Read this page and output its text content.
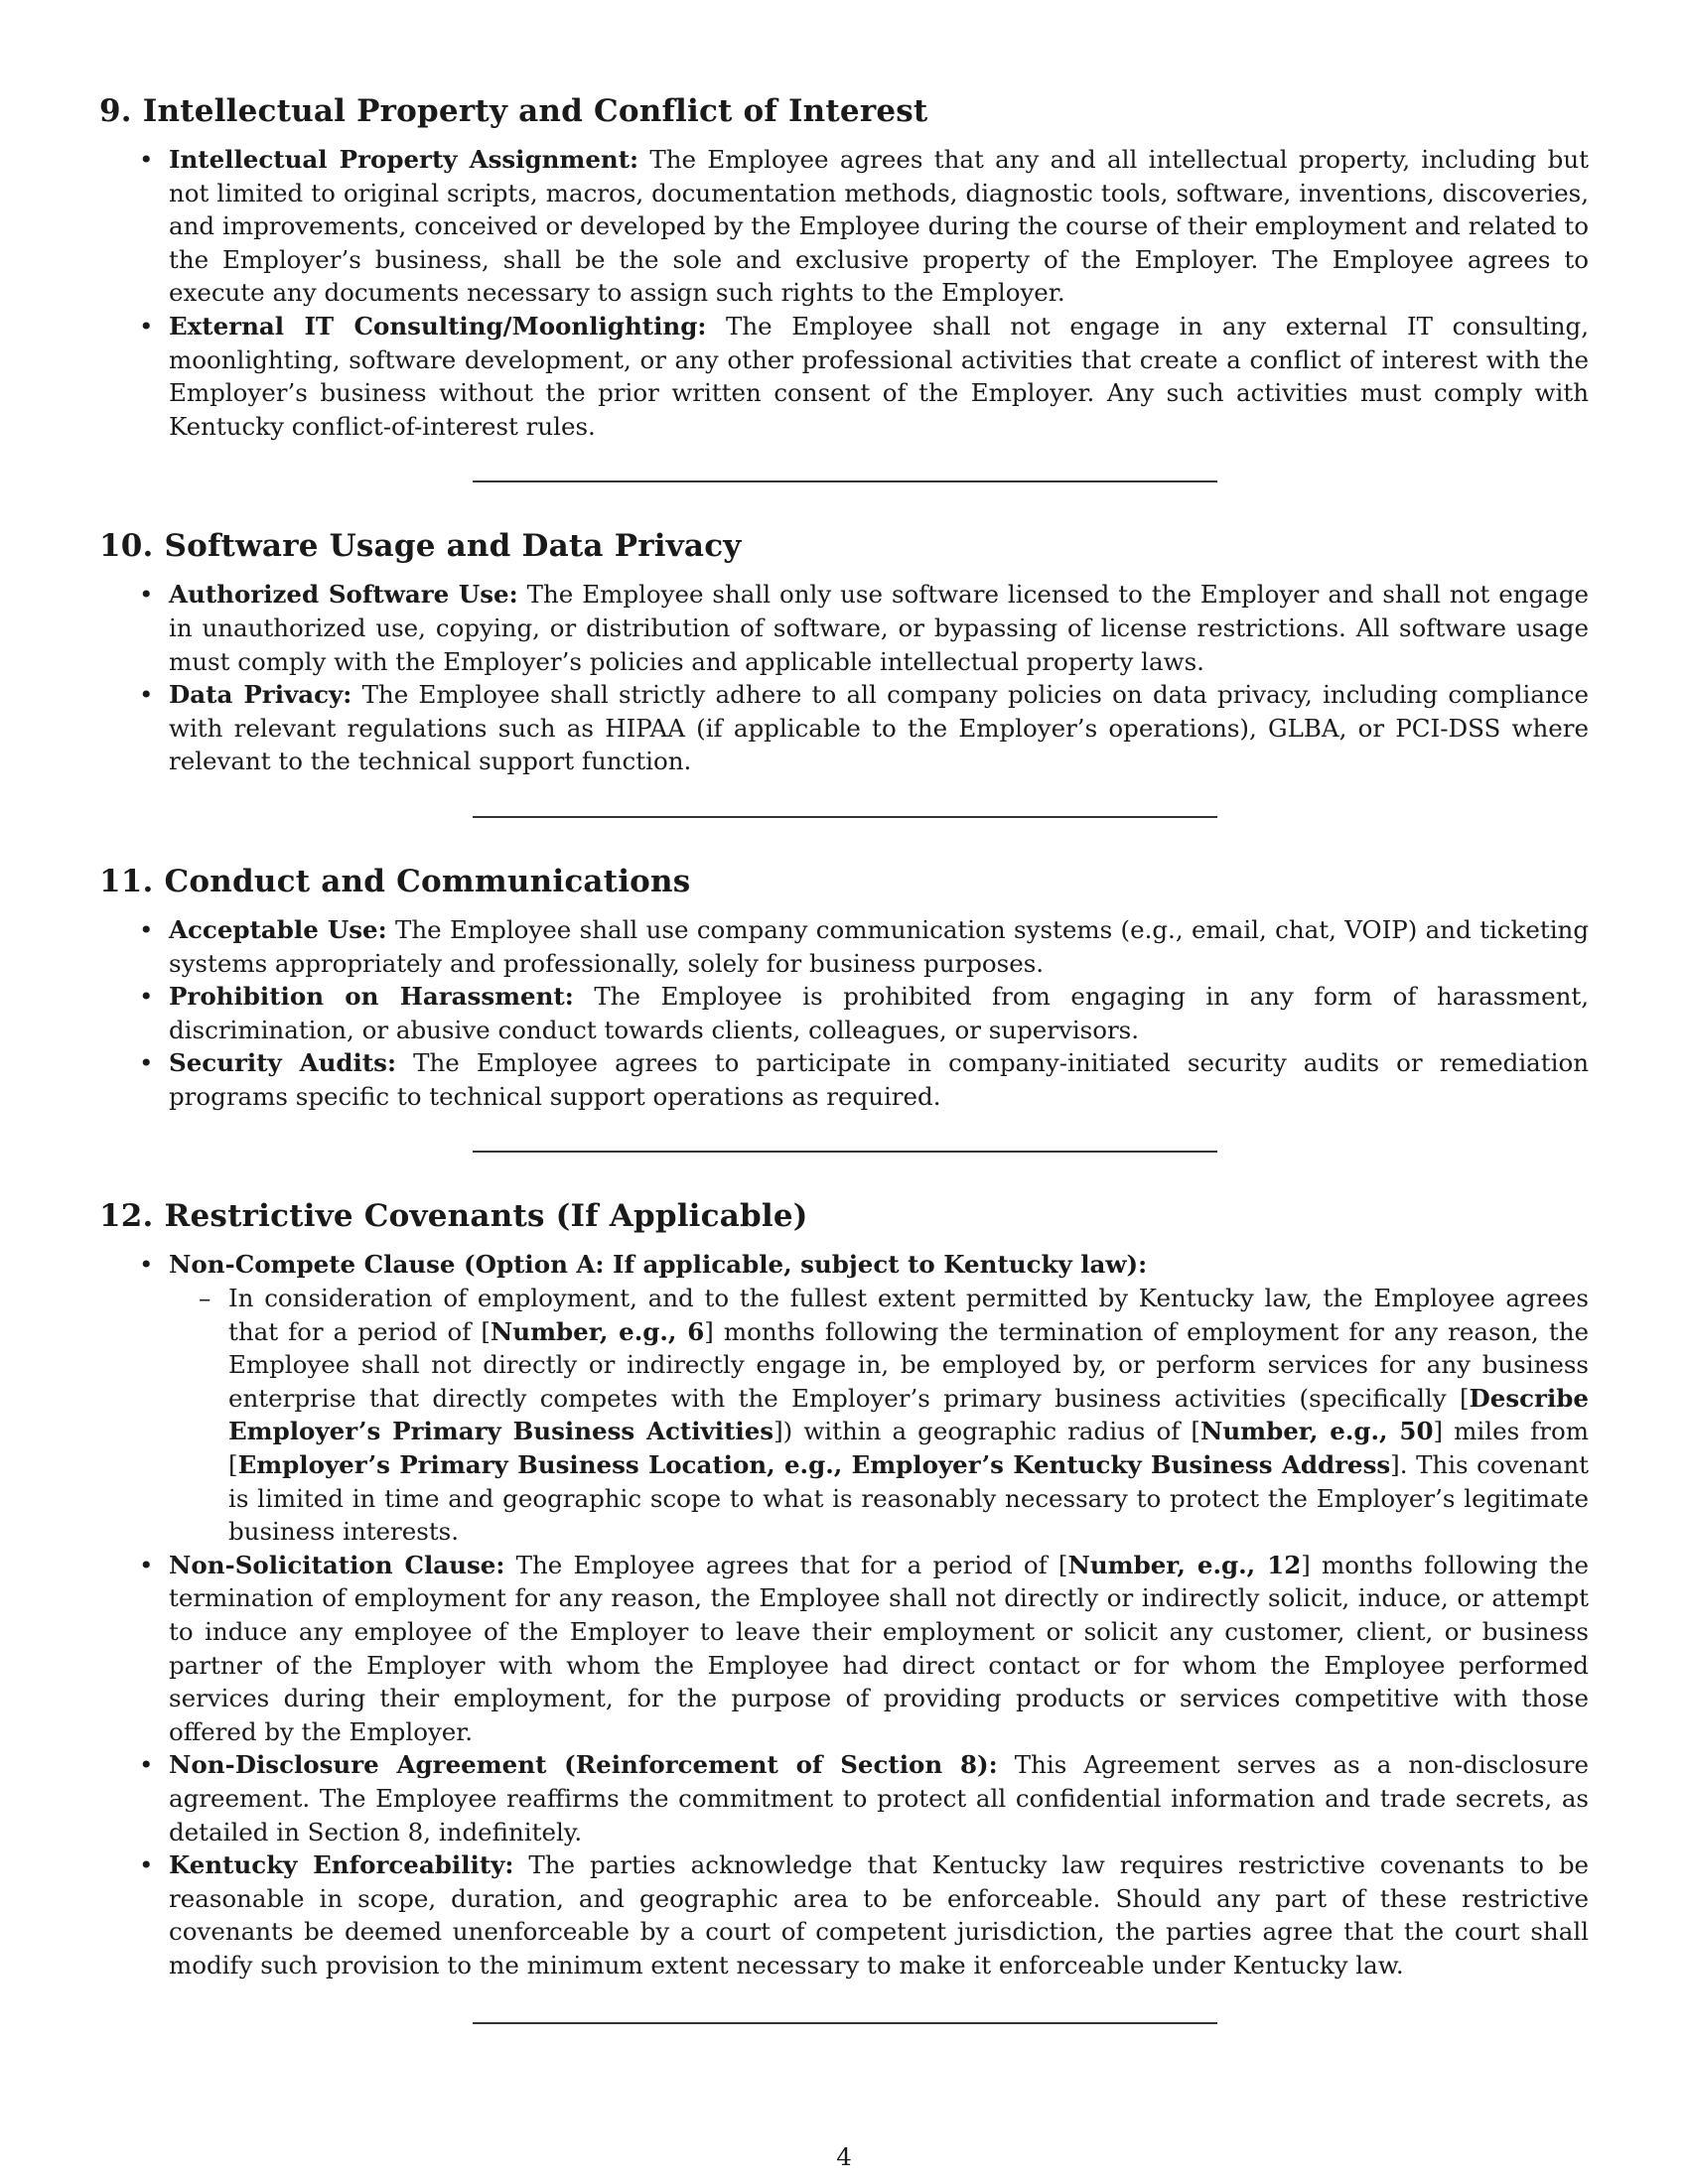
9. Intellectual Property and Conflict of Interest
• Intellectual Property Assignment: The Employee agrees that any and all intellectual property, including but not limited to original scripts, macros, documentation methods, diagnostic tools, software, inventions, discoveries, and improvements, conceived or developed by the Employee during the course of their employment and related to the Employer’s business, shall be the sole and exclusive property of the Employer. The Employee agrees to execute any documents necessary to assign such rights to the Employer.
• External IT Consulting/Moonlighting: The Employee shall not engage in any external IT consulting, moonlighting, software development, or any other professional activities that create a conflict of interest with the Employer’s business without the prior written consent of the Employer. Any such activities must comply with Kentucky conflict-of-interest rules.
10. Software Usage and Data Privacy
• Authorized Software Use: The Employee shall only use software licensed to the Employer and shall not engage in unauthorized use, copying, or distribution of software, or bypassing of license restrictions. All software usage must comply with the Employer’s policies and applicable intellectual property laws.
• Data Privacy: The Employee shall strictly adhere to all company policies on data privacy, including compliance with relevant regulations such as HIPAA (if applicable to the Employer’s operations), GLBA, or PCI-DSS where relevant to the technical support function.
11. Conduct and Communications
• Acceptable Use: The Employee shall use company communication systems (e.g., email, chat, VOIP) and ticketing systems appropriately and professionally, solely for business purposes.
• Prohibition on Harassment: The Employee is prohibited from engaging in any form of harassment, discrimination, or abusive conduct towards clients, colleagues, or supervisors.
• Security Audits: The Employee agrees to participate in company-initiated security audits or remediation programs specific to technical support operations as required.
12. Restrictive Covenants (If Applicable)
• Non-Compete Clause (Option A: If applicable, subject to Kentucky law):
– In consideration of employment, and to the fullest extent permitted by Kentucky law, the Employee agrees that for a period of [Number, e.g., 6] months following the termination of employment for any reason, the Employee shall not directly or indirectly engage in, be employed by, or perform services for any business enterprise that directly competes with the Employer’s primary business activities (specifically [Describe Employer’s Primary Business Activities]) within a geographic radius of [Number, e.g., 50] miles from [Employer’s Primary Business Location, e.g., Employer’s Kentucky Business Address]. This covenant is limited in time and geographic scope to what is reasonably necessary to protect the Employer’s legitimate business interests.
• Non-Solicitation Clause: The Employee agrees that for a period of [Number, e.g., 12] months following the termination of employment for any reason, the Employee shall not directly or indirectly solicit, induce, or attempt to induce any employee of the Employer to leave their employment or solicit any customer, client, or business partner of the Employer with whom the Employee had direct contact or for whom the Employee performed services during their employment, for the purpose of providing products or services competitive with those offered by the Employer.
• Non-Disclosure Agreement (Reinforcement of Section 8): This Agreement serves as a non-disclosure agreement. The Employee reaffirms the commitment to protect all confidential information and trade secrets, as detailed in Section 8, indefinitely.
• Kentucky Enforceability: The parties acknowledge that Kentucky law requires restrictive covenants to be reasonable in scope, duration, and geographic area to be enforceable. Should any part of these restrictive covenants be deemed unenforceable by a court of competent jurisdiction, the parties agree that the court shall modify such provision to the minimum extent necessary to make it enforceable under Kentucky law.
4
